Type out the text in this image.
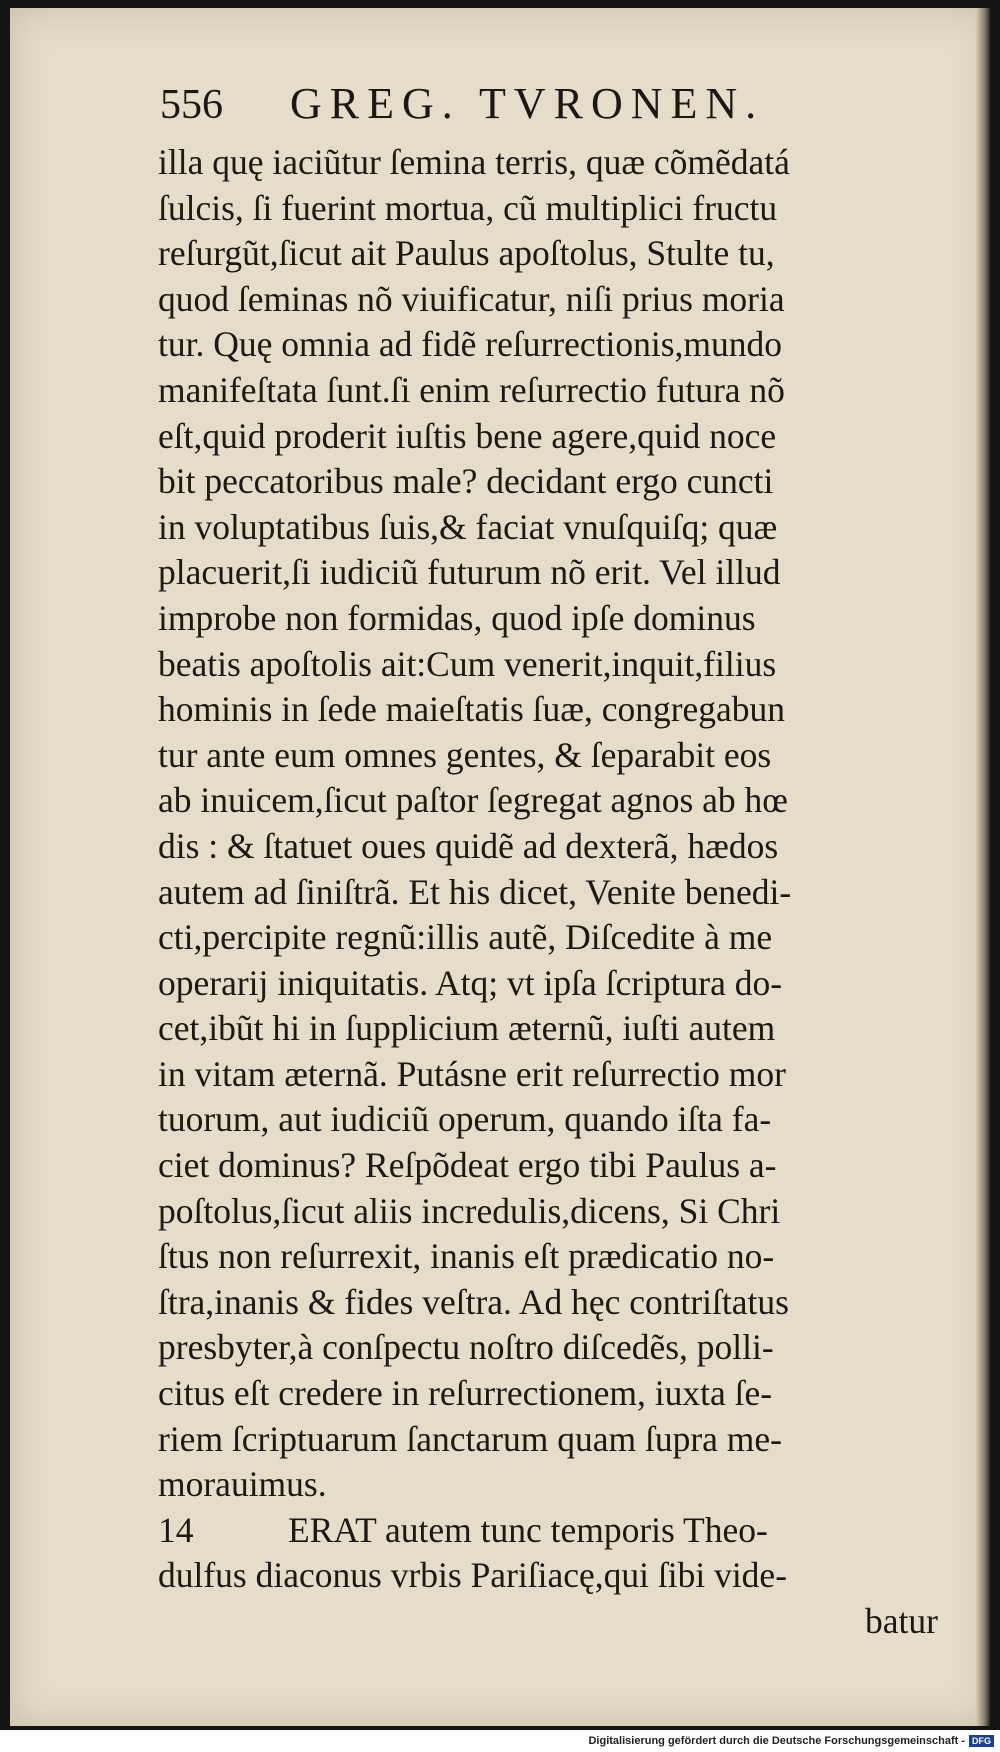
556	GREG. TVRONEN.
illa quę iaciũtur ſemina terris, quæ cõmẽdatá
ſulcis, ſi fuerint mortua, cũ multiplici fructu
reſurgũt,ſicut ait Paulus apoſtolus, Stulte tu,
quod ſeminas nõ viuificatur, niſi prius moria
tur. Quę omnia ad fidẽ reſurrectionis,mundo
manifeſtata ſunt.ſi enim reſurrectio futura nõ
eſt,quid proderit iuſtis bene agere,quid noce
bit peccatoribus male? decidant ergo cuncti
in voluptatibus ſuis,& faciat vnuſquiſq; quæ
placuerit,ſi iudiciũ futurum nõ erit. Vel illud
improbe non formidas, quod ipſe dominus
beatis apoſtolis ait:Cum venerit,inquit,filius
hominis in ſede maieſtatis ſuæ, congregabun
tur ante eum omnes gentes, & ſeparabit eos
ab inuicem,ſicut paſtor ſegregat agnos ab hœ
dis : & ſtatuet oues quidẽ ad dexterã, hædos
autem ad ſiniſtrã. Et his dicet, Venite benedi-
cti,percipite regnũ:illis autẽ, Diſcedite à me
operarij iniquitatis. Atq; vt ipſa ſcriptura do-
cet,ibũt hi in ſupplicium æternũ, iuſti autem
in vitam æternã. Putásne erit reſurrectio mor
tuorum, aut iudiciũ operum, quando iſta fa-
ciet dominus? Reſpõdeat ergo tibi Paulus a-
poſtolus,ſicut aliis incredulis,dicens, Si Chri
ſtus non reſurrexit, inanis eſt prædicatio no-
ſtra,inanis & fides veſtra. Ad hęc contriſtatus
presbyter,à conſpectu noſtro diſcedẽs, polli-
citus eſt credere in reſurrectionem, iuxta ſe-
riem ſcriptuarum ſanctarum quam ſupra me-
morauimus.
14	ERAT autem tunc temporis Theo-
dulfus diaconus vrbis Pariſiacę,qui ſibi vide-
batur
Digitalisierung gefördert durch die Deutsche Forschungsgemeinschaft - DFG
